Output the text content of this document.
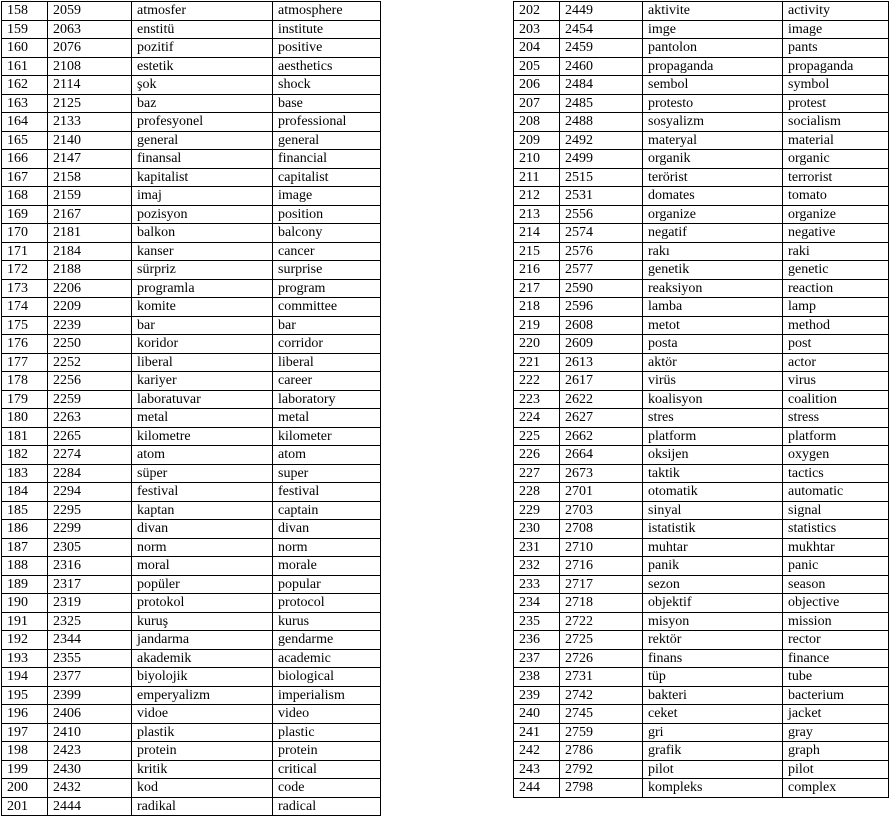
158	2059	atmosfer	atmosphere
159	2063	enstitü	institute
160	2076	pozitif	positive
161	2108	estetik	aesthetics
162	2114	şok	shock
163	2125	baz	base
164	2133	profesyonel	professional
165	2140	general	general
166	2147	finansal	financial
167	2158	kapitalist	capitalist
168	2159	imaj	image
169	2167	pozisyon	position
170	2181	balkon	balcony
171	2184	kanser	cancer
172	2188	sürpriz	surprise
173	2206	programla	program
174	2209	komite	committee
175	2239	bar	bar
176	2250	koridor	corridor
177	2252	liberal	liberal
178	2256	kariyer	career
179	2259	laboratuvar	laboratory
180	2263	metal	metal
181	2265	kilometre	kilometer
182	2274	atom	atom
183	2284	süper	super
184	2294	festival	festival
185	2295	kaptan	captain
186	2299	divan	divan
187	2305	norm	norm
188	2316	moral	morale
189	2317	popüler	popular
190	2319	protokol	protocol
191	2325	kuruş	kurus
192	2344	jandarma	gendarme
193	2355	akademik	academic
194	2377	biyolojik	biological
195	2399	emperyalizm	imperialism
196	2406	vidoe	video
197	2410	plastik	plastic
198	2423	protein	protein
199	2430	kritik	critical
200	2432	kod	code
201	2444	radikal	radical
202	2449	aktivite	activity
203	2454	imge	image
204	2459	pantolon	pants
205	2460	propaganda	propaganda
206	2484	sembol	symbol
207	2485	protesto	protest
208	2488	sosyalizm	socialism
209	2492	materyal	material
210	2499	organik	organic
211	2515	terörist	terrorist
212	2531	domates	tomato
213	2556	organize	organize
214	2574	negatif	negative
215	2576	rakı	raki
216	2577	genetik	genetic
217	2590	reaksiyon	reaction
218	2596	lamba	lamp
219	2608	metot	method
220	2609	posta	post
221	2613	aktör	actor
222	2617	virüs	virus
223	2622	koalisyon	coalition
224	2627	stres	stress
225	2662	platform	platform
226	2664	oksijen	oxygen
227	2673	taktik	tactics
228	2701	otomatik	automatic
229	2703	sinyal	signal
230	2708	istatistik	statistics
231	2710	muhtar	mukhtar
232	2716	panik	panic
233	2717	sezon	season
234	2718	objektif	objective
235	2722	misyon	mission
236	2725	rektör	rector
237	2726	finans	finance
238	2731	tüp	tube
239	2742	bakteri	bacterium
240	2745	ceket	jacket
241	2759	gri	gray
242	2786	grafik	graph
243	2792	pilot	pilot
244	2798	kompleks	complex
